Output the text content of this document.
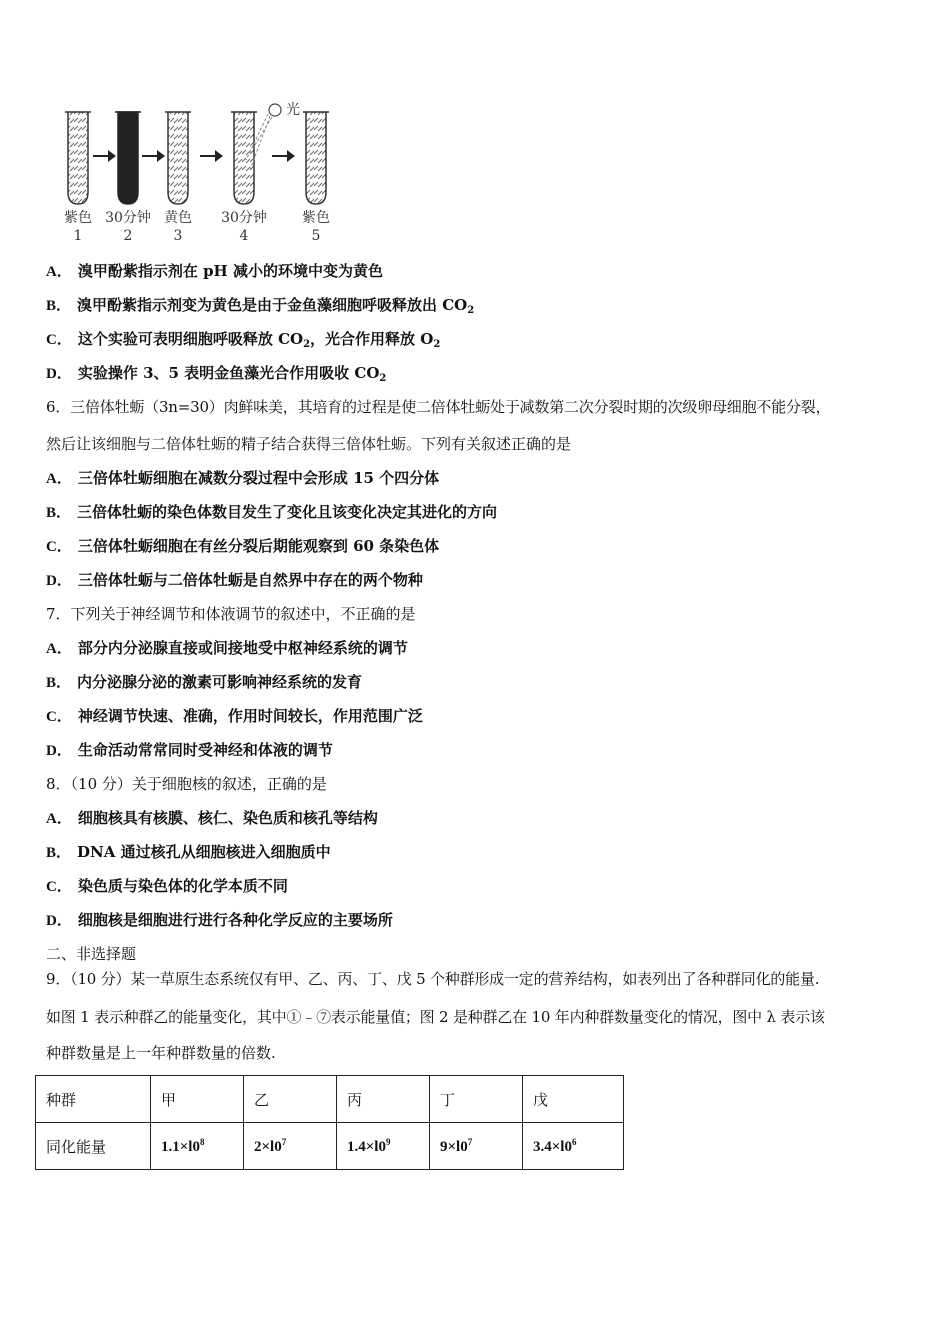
光
紫色 30分钟 黄色 30分钟	紫色
1	2	3	4	5
A． 溴甲酚紫指示剂在 pH 减小的环境中变为黄色
B． 溴甲酚紫指示剂变为黄色是由于金鱼藻细胞呼吸释放出 $CO_2$
C． 这个实验可表明细胞呼吸释放 $CO_2$，光合作用释放 $O_2$
D． 实验操作 3、5 表明金鱼藻光合作用吸收 $CO_2$
6．三倍体牡蛎（3n=30）肉鲜味美，其培育的过程是使二倍体牡蛎处于减数第二次分裂时期的次级卵母细胞不能分裂，
然后让该细胞与二倍体牡蛎的精子结合获得三倍体牡蛎。下列有关叙述正确的是
A． 三倍体牡蛎细胞在减数分裂过程中会形成 15 个四分体
B． 三倍体牡蛎的染色体数目发生了变化且该变化决定其进化的方向
C． 三倍体牡蛎细胞在有丝分裂后期能观察到 60 条染色体
D． 三倍体牡蛎与二倍体牡蛎是自然界中存在的两个物种
7．下列关于神经调节和体液调节的叙述中，不正确的是
A． 部分内分泌腺直接或间接地受中枢神经系统的调节
B． 内分泌腺分泌的激素可影响神经系统的发育
C． 神经调节快速、准确，作用时间较长，作用范围广泛
D． 生命活动常常同时受神经和体液的调节
8．（10 分）关于细胞核的叙述，正确的是
A． 细胞核具有核膜、核仁、染色质和核孔等结构
B． DNA 通过核孔从细胞核进入细胞质中
C． 染色质与染色体的化学本质不同
D． 细胞核是细胞进行进行各种化学反应的主要场所
二、非选择题
9．（10 分）某一草原生态系统仅有甲、乙、丙、丁、戊 5 个种群形成一定的营养结构，如表列出了各种群同化的能量.
如图 1 表示种群乙的能量变化，其中①﹣⑦表示能量值；图 2 是种群乙在 10 年内种群数量变化的情况，图中 λ 表示该
种群数量是上一年种群数量的倍数.
种群	甲	乙	丙	丁	戊
同化能量	$1.1\times l0^8$	$2\times l0^7$	$1.4\times l0^9$	$9\times l0^7$	$3.4\times l0^6$
